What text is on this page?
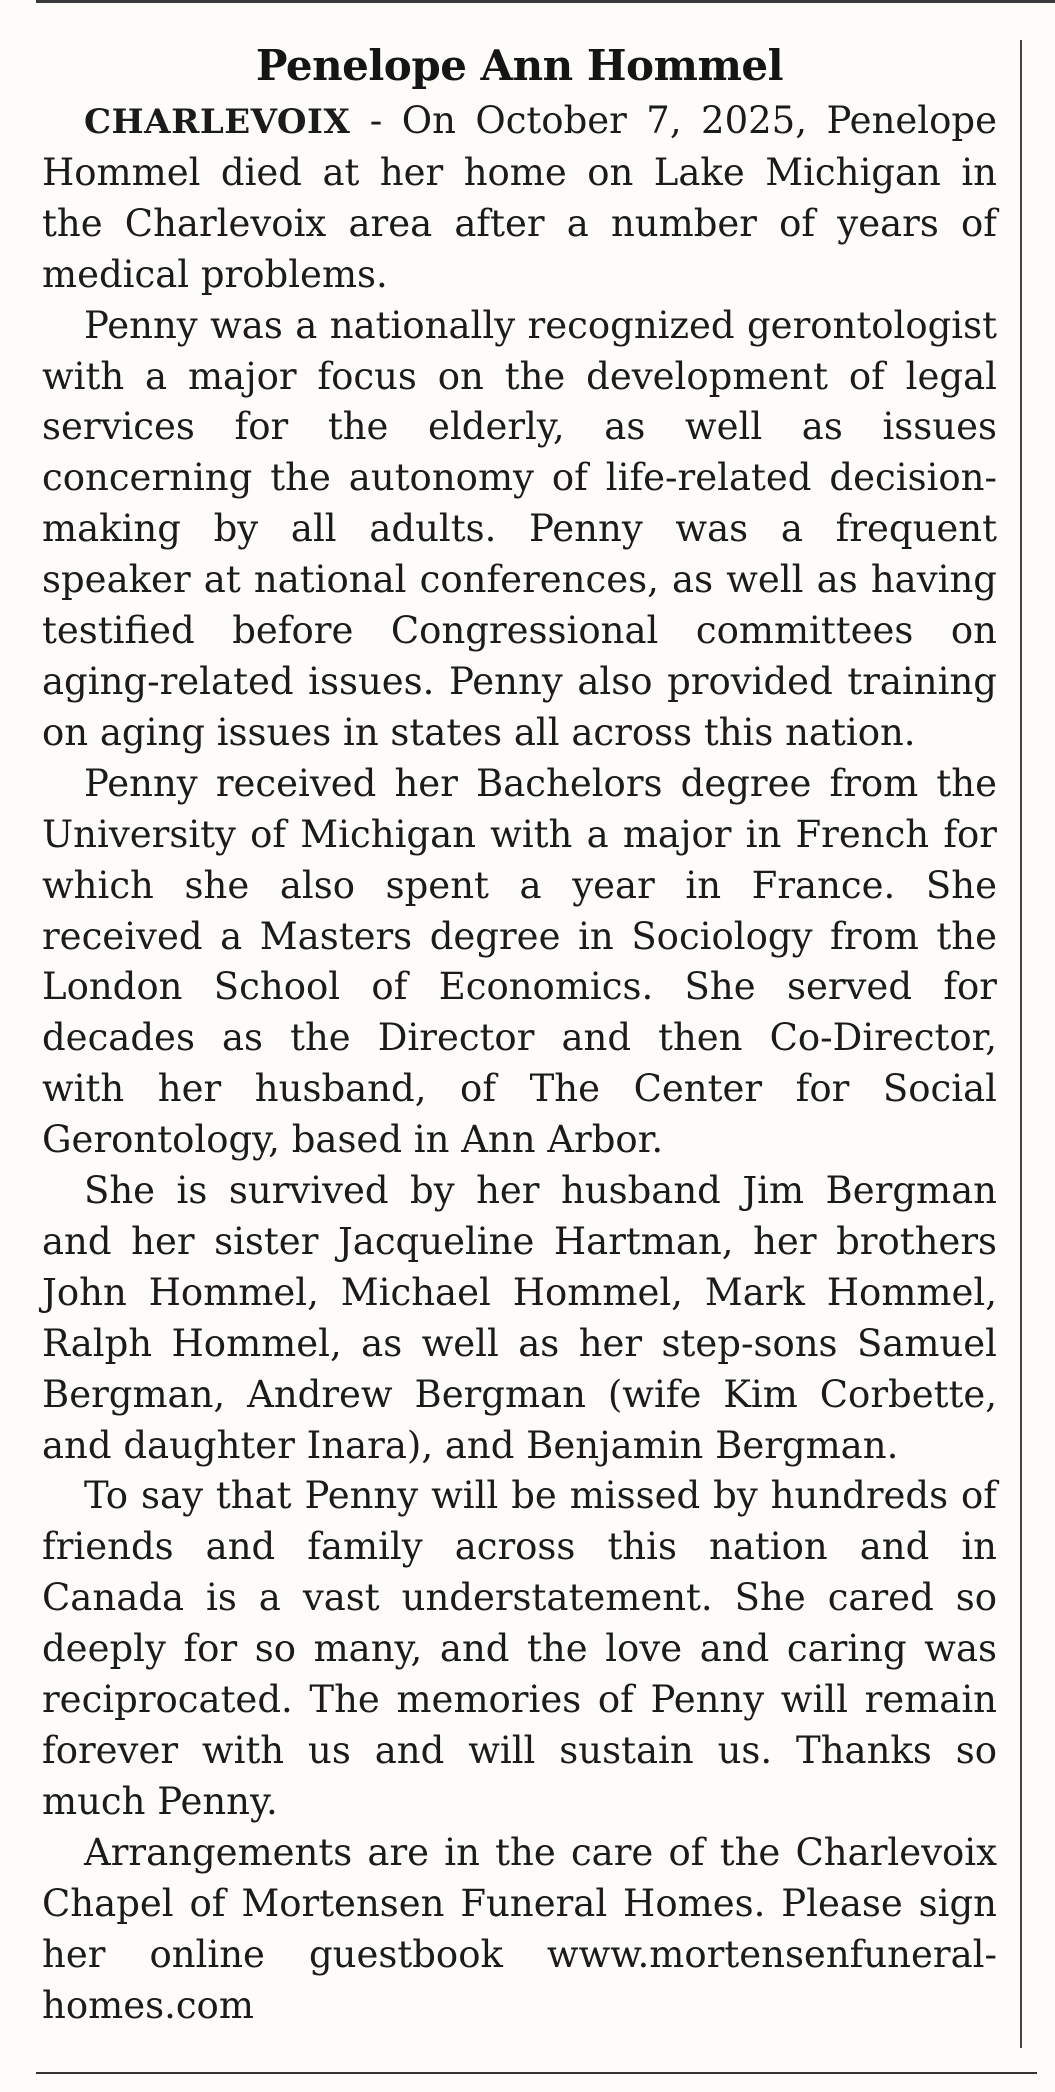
Penelope Ann Hommel

CHARLEVOIX - On October 7, 2025, Penelope Hommel died at her home on Lake Michigan in the Charlevoix area after a number of years of medical problems.

Penny was a nationally recognized gerontologist with a major focus on the development of legal services for the elderly, as well as issues concerning the autonomy of life-related decision-making by all adults. Penny was a frequent speaker at national conferences, as well as having testified before Congressional committees on aging-related issues. Penny also provided training on aging issues in states all across this nation.

Penny received her Bachelors degree from the University of Michigan with a major in French for which she also spent a year in France. She received a Masters degree in Sociology from the London School of Economics. She served for decades as the Director and then Co-Director, with her husband, of The Center for Social Gerontology, based in Ann Arbor.

She is survived by her husband Jim Bergman and her sister Jacqueline Hartman, her brothers John Hommel, Michael Hommel, Mark Hommel, Ralph Hommel, as well as her step-sons Samuel Bergman, Andrew Bergman (wife Kim Corbette, and daughter Inara), and Benjamin Bergman.

To say that Penny will be missed by hundreds of friends and family across this nation and in Canada is a vast understatement. She cared so deeply for so many, and the love and caring was reciprocated. The memories of Penny will remain forever with us and will sustain us. Thanks so much Penny.

Arrangements are in the care of the Charlevoix Chapel of Mortensen Funeral Homes. Please sign her online guestbook www.mortensenfuneral-homes.com
